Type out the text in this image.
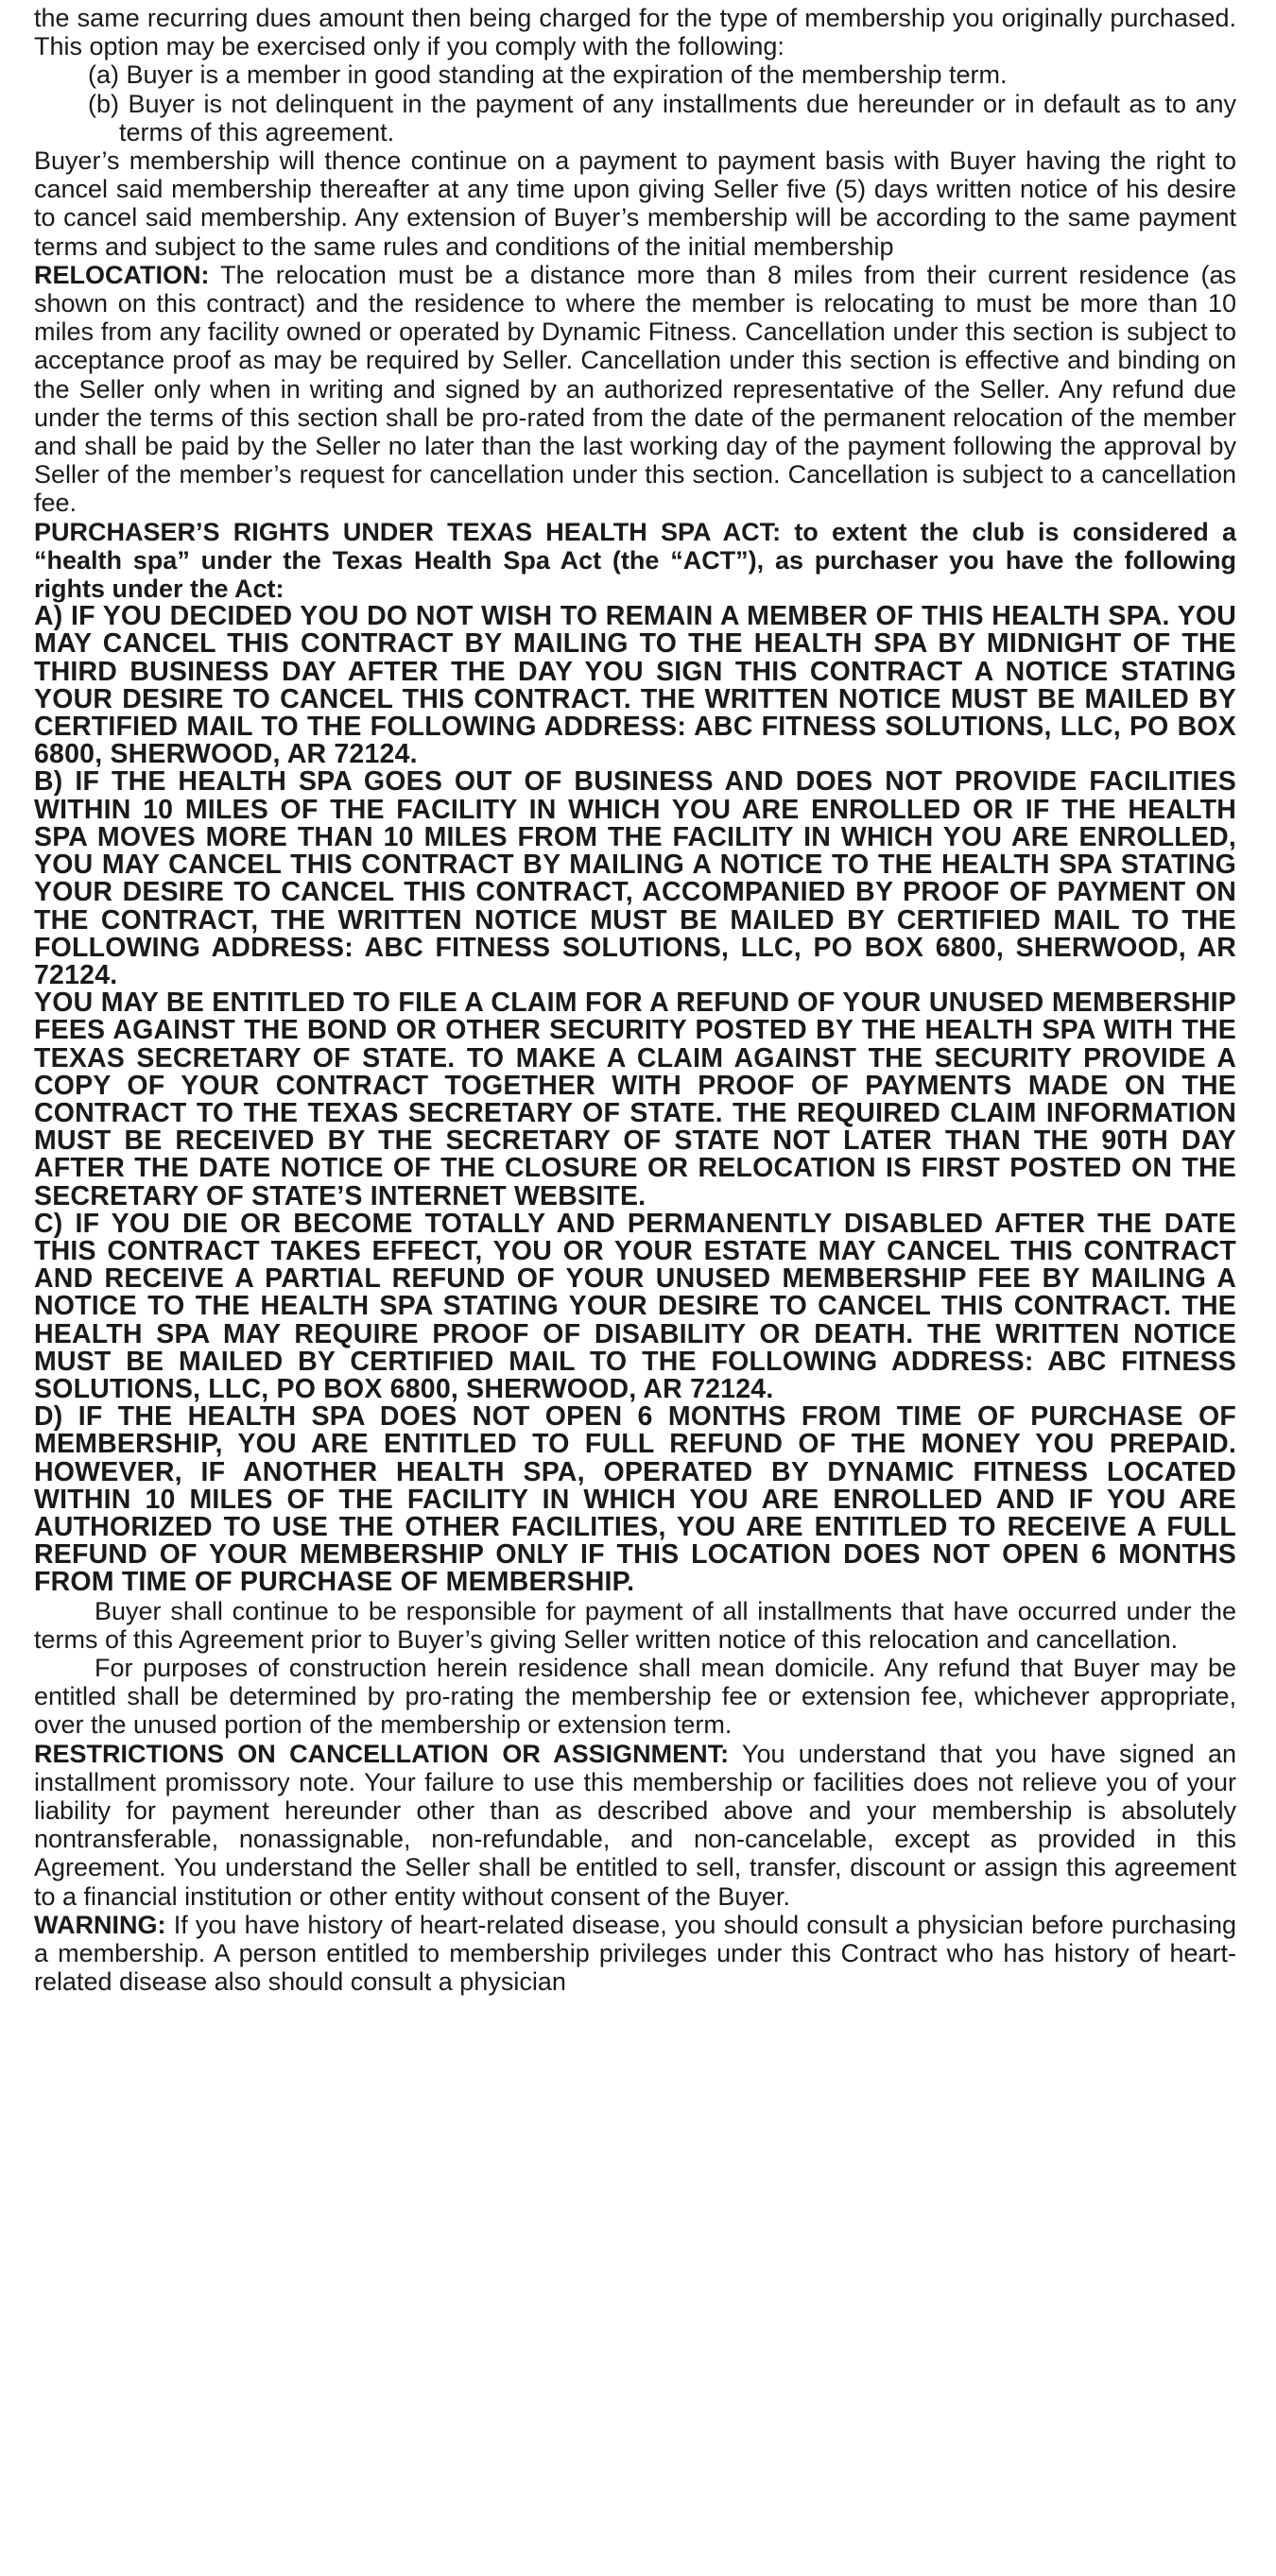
the same recurring dues amount then being charged for the type of membership you originally purchased. This option may be exercised only if you comply with the following:

(a) Buyer is a member in good standing at the expiration of the membership term.

(b) Buyer is not delinquent in the payment of any installments due hereunder or in default as to any terms of this agreement.

Buyer’s membership will thence continue on a payment to payment basis with Buyer having the right to cancel said membership thereafter at any time upon giving Seller five (5) days written notice of his desire to cancel said membership. Any extension of Buyer’s membership will be according to the same payment terms and subject to the same rules and conditions of the initial membership

RELOCATION: The relocation must be a distance more than 8 miles from their current residence (as shown on this contract) and the residence to where the member is relocating to must be more than 10 miles from any facility owned or operated by Dynamic Fitness. Cancellation under this section is subject to acceptance proof as may be required by Seller. Cancellation under this section is effective and binding on the Seller only when in writing and signed by an authorized representative of the Seller. Any refund due under the terms of this section shall be pro-rated from the date of the permanent relocation of the member and shall be paid by the Seller no later than the last working day of the payment following the approval by Seller of the member’s request for cancellation under this section. Cancellation is subject to a cancellation fee.

PURCHASER’S RIGHTS UNDER TEXAS HEALTH SPA ACT: to extent the club is considered a “health spa” under the Texas Health Spa Act (the “ACT”), as purchaser you have the following rights under the Act:

A) IF YOU DECIDED YOU DO NOT WISH TO REMAIN A MEMBER OF THIS HEALTH SPA. YOU MAY CANCEL THIS CONTRACT BY MAILING TO THE HEALTH SPA BY MIDNIGHT OF THE THIRD BUSINESS DAY AFTER THE DAY YOU SIGN THIS CONTRACT A NOTICE STATING YOUR DESIRE TO CANCEL THIS CONTRACT. THE WRITTEN NOTICE MUST BE MAILED BY CERTIFIED MAIL TO THE FOLLOWING ADDRESS: ABC FITNESS SOLUTIONS, LLC, PO BOX 6800, SHERWOOD, AR 72124.

B) IF THE HEALTH SPA GOES OUT OF BUSINESS AND DOES NOT PROVIDE FACILITIES WITHIN 10 MILES OF THE FACILITY IN WHICH YOU ARE ENROLLED OR IF THE HEALTH SPA MOVES MORE THAN 10 MILES FROM THE FACILITY IN WHICH YOU ARE ENROLLED, YOU MAY CANCEL THIS CONTRACT BY MAILING A NOTICE TO THE HEALTH SPA STATING YOUR DESIRE TO CANCEL THIS CONTRACT, ACCOMPANIED BY PROOF OF PAYMENT ON THE CONTRACT, THE WRITTEN NOTICE MUST BE MAILED BY CERTIFIED MAIL TO THE FOLLOWING ADDRESS: ABC FITNESS SOLUTIONS, LLC, PO BOX 6800, SHERWOOD, AR 72124.

YOU MAY BE ENTITLED TO FILE A CLAIM FOR A REFUND OF YOUR UNUSED MEMBERSHIP FEES AGAINST THE BOND OR OTHER SECURITY POSTED BY THE HEALTH SPA WITH THE TEXAS SECRETARY OF STATE. TO MAKE A CLAIM AGAINST THE SECURITY PROVIDE A COPY OF YOUR CONTRACT TOGETHER WITH PROOF OF PAYMENTS MADE ON THE CONTRACT TO THE TEXAS SECRETARY OF STATE. THE REQUIRED CLAIM INFORMATION MUST BE RECEIVED BY THE SECRETARY OF STATE NOT LATER THAN THE 90TH DAY AFTER THE DATE NOTICE OF THE CLOSURE OR RELOCATION IS FIRST POSTED ON THE SECRETARY OF STATE’S INTERNET WEBSITE.

C) IF YOU DIE OR BECOME TOTALLY AND PERMANENTLY DISABLED AFTER THE DATE THIS CONTRACT TAKES EFFECT, YOU OR YOUR ESTATE MAY CANCEL THIS CONTRACT AND RECEIVE A PARTIAL REFUND OF YOUR UNUSED MEMBERSHIP FEE BY MAILING A NOTICE TO THE HEALTH SPA STATING YOUR DESIRE TO CANCEL THIS CONTRACT. THE HEALTH SPA MAY REQUIRE PROOF OF DISABILITY OR DEATH. THE WRITTEN NOTICE MUST BE MAILED BY CERTIFIED MAIL TO THE FOLLOWING ADDRESS: ABC FITNESS SOLUTIONS, LLC, PO BOX 6800, SHERWOOD, AR 72124.

D) IF THE HEALTH SPA DOES NOT OPEN 6 MONTHS FROM TIME OF PURCHASE OF MEMBERSHIP, YOU ARE ENTITLED TO FULL REFUND OF THE MONEY YOU PREPAID. HOWEVER, IF ANOTHER HEALTH SPA, OPERATED BY DYNAMIC FITNESS LOCATED WITHIN 10 MILES OF THE FACILITY IN WHICH YOU ARE ENROLLED AND IF YOU ARE AUTHORIZED TO USE THE OTHER FACILITIES, YOU ARE ENTITLED TO RECEIVE A FULL REFUND OF YOUR MEMBERSHIP ONLY IF THIS LOCATION DOES NOT OPEN 6 MONTHS FROM TIME OF PURCHASE OF MEMBERSHIP.

Buyer shall continue to be responsible for payment of all installments that have occurred under the terms of this Agreement prior to Buyer’s giving Seller written notice of this relocation and cancellation.

For purposes of construction herein residence shall mean domicile. Any refund that Buyer may be entitled shall be determined by pro-rating the membership fee or extension fee, whichever appropriate, over the unused portion of the membership or extension term.

RESTRICTIONS ON CANCELLATION OR ASSIGNMENT: You understand that you have signed an installment promissory note. Your failure to use this membership or facilities does not relieve you of your liability for payment hereunder other than as described above and your membership is absolutely nontransferable, nonassignable, non-refundable, and non-cancelable, except as provided in this Agreement. You understand the Seller shall be entitled to sell, transfer, discount or assign this agreement to a financial institution or other entity without consent of the Buyer.

WARNING: If you have history of heart-related disease, you should consult a physician before purchasing a membership. A person entitled to membership privileges under this Contract who has history of heart-related disease also should consult a physician
